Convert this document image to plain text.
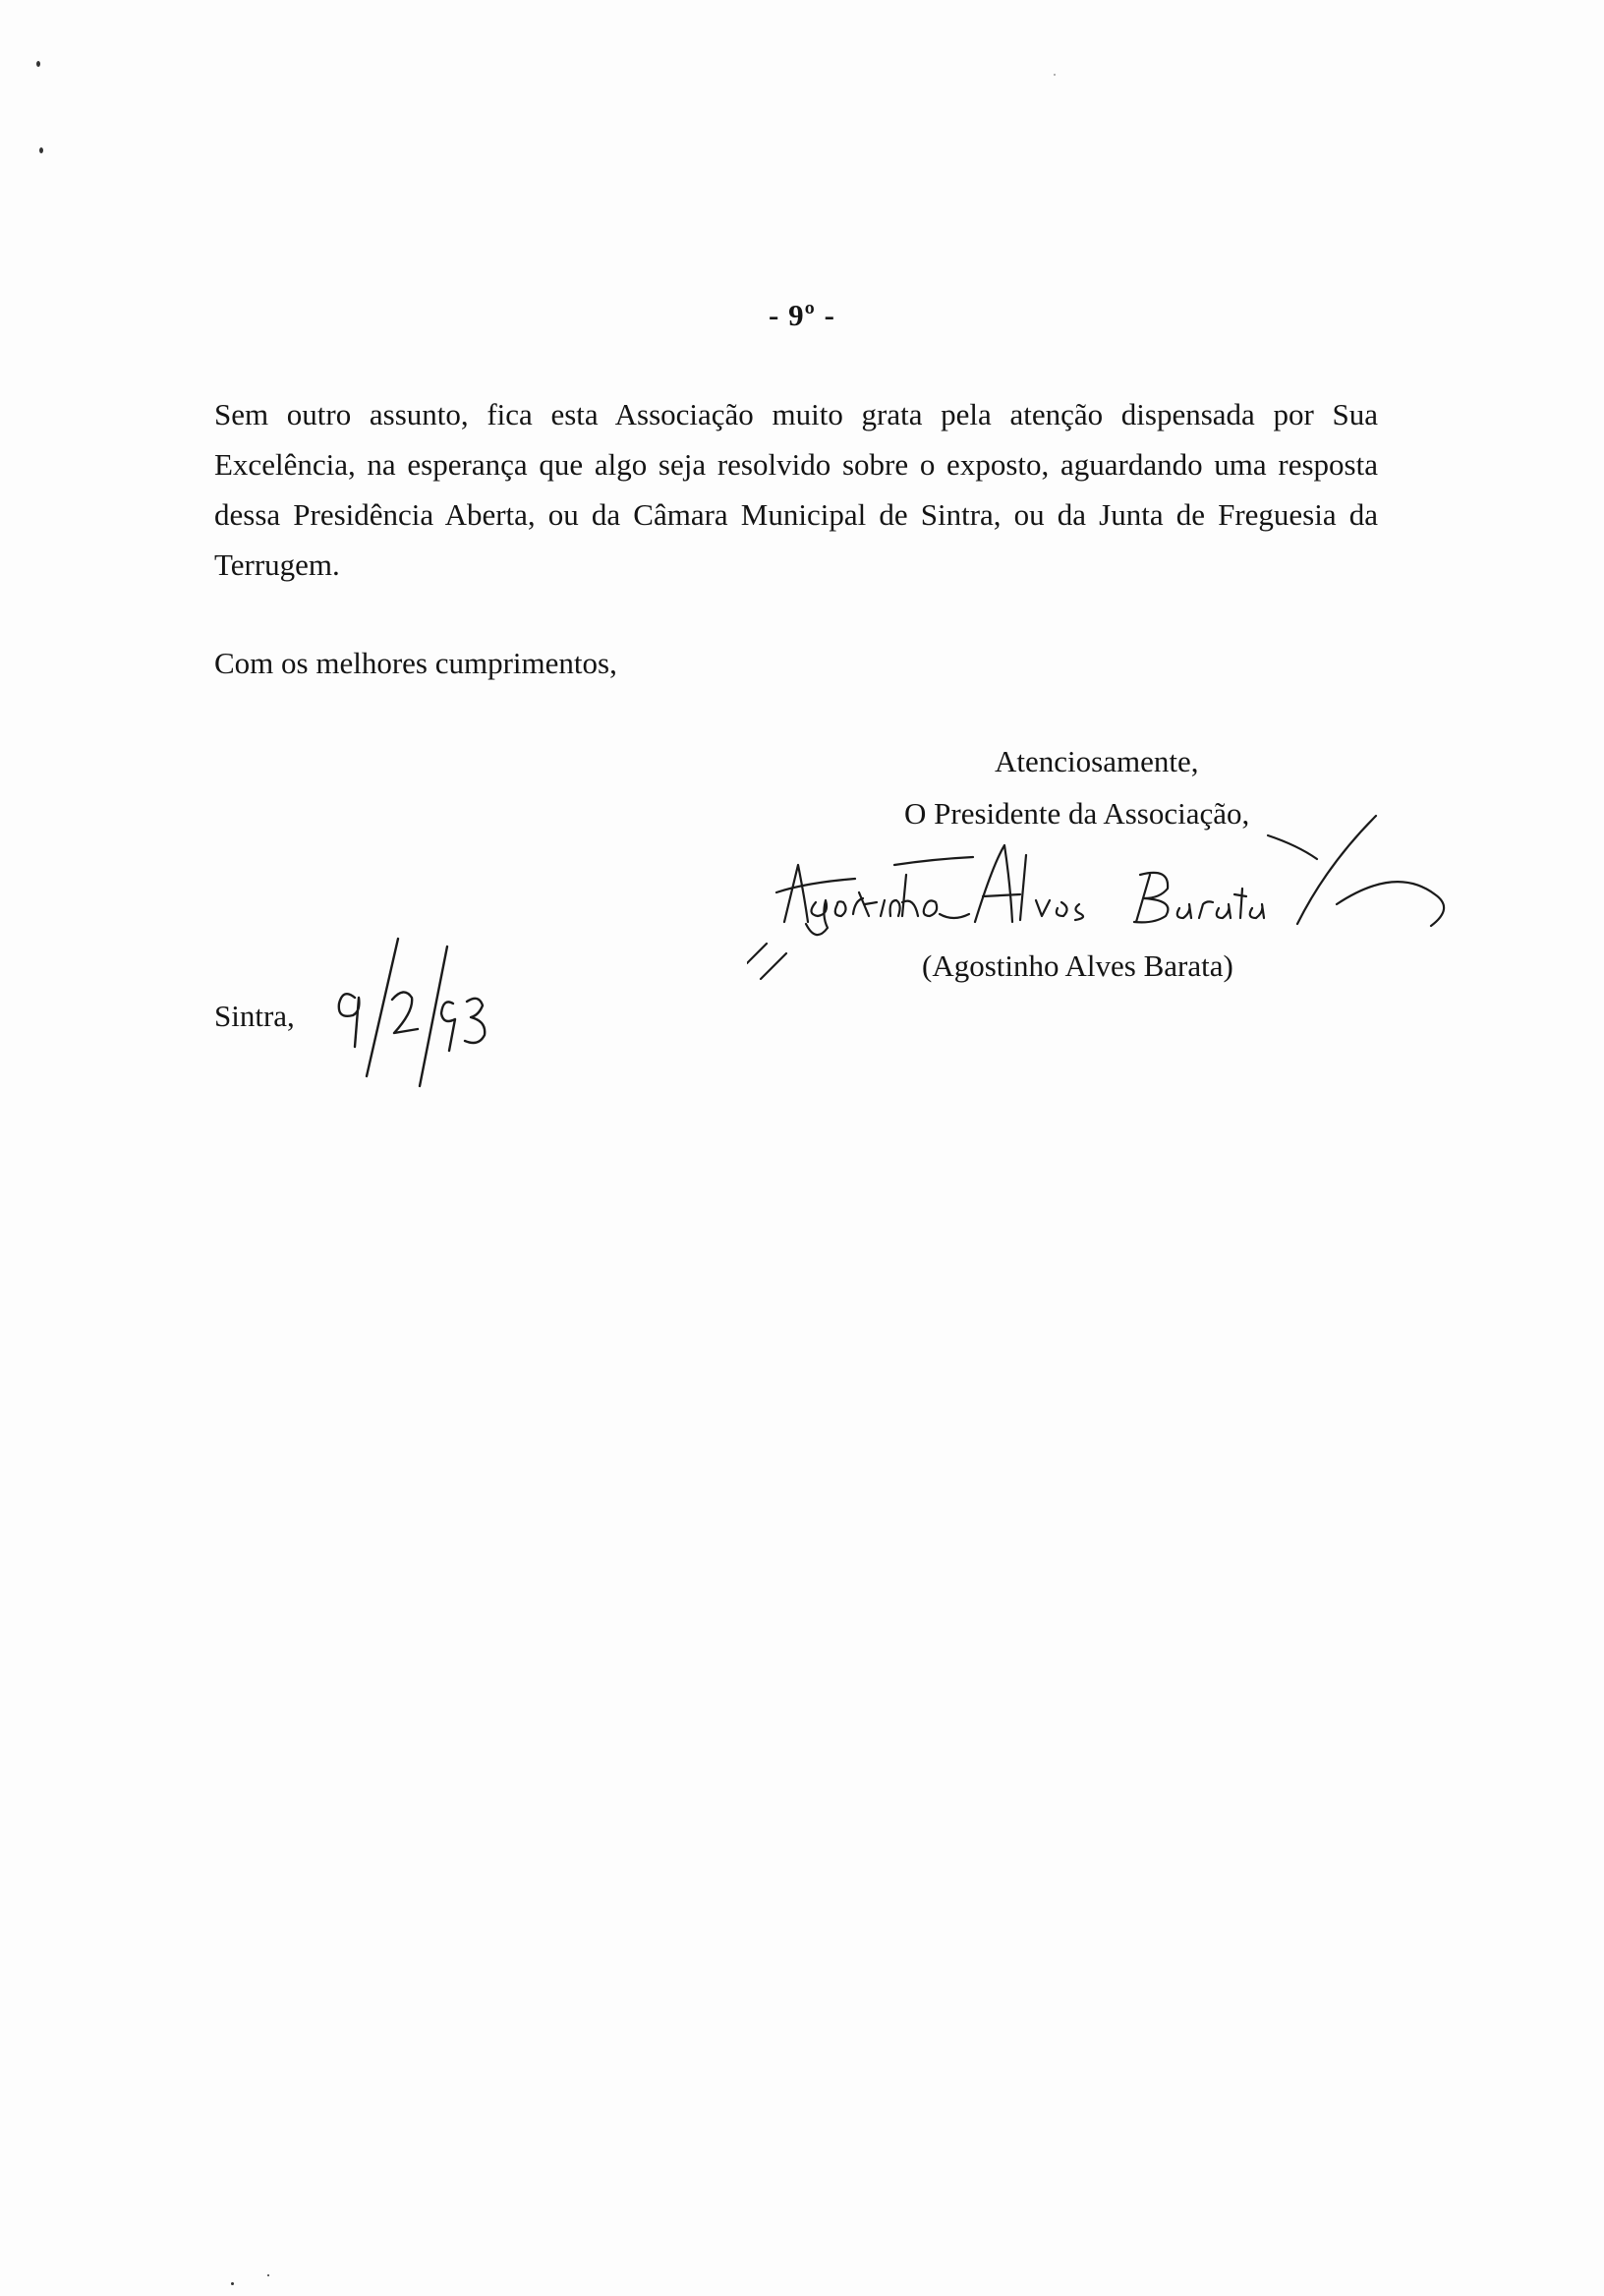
- 9º -

Sem outro assunto, fica esta Associação muito grata pela atenção dispensada por Sua Excelência, na esperança que algo seja resolvido sobre o exposto, aguardando uma resposta dessa Presidência Aberta, ou da Câmara Municipal de Sintra, ou da Junta de Freguesia da Terrugem.

Com os melhores cumprimentos,

Atenciosamente,

O Presidente da Associação,

(Agostinho Alves Barata)

Sintra,
